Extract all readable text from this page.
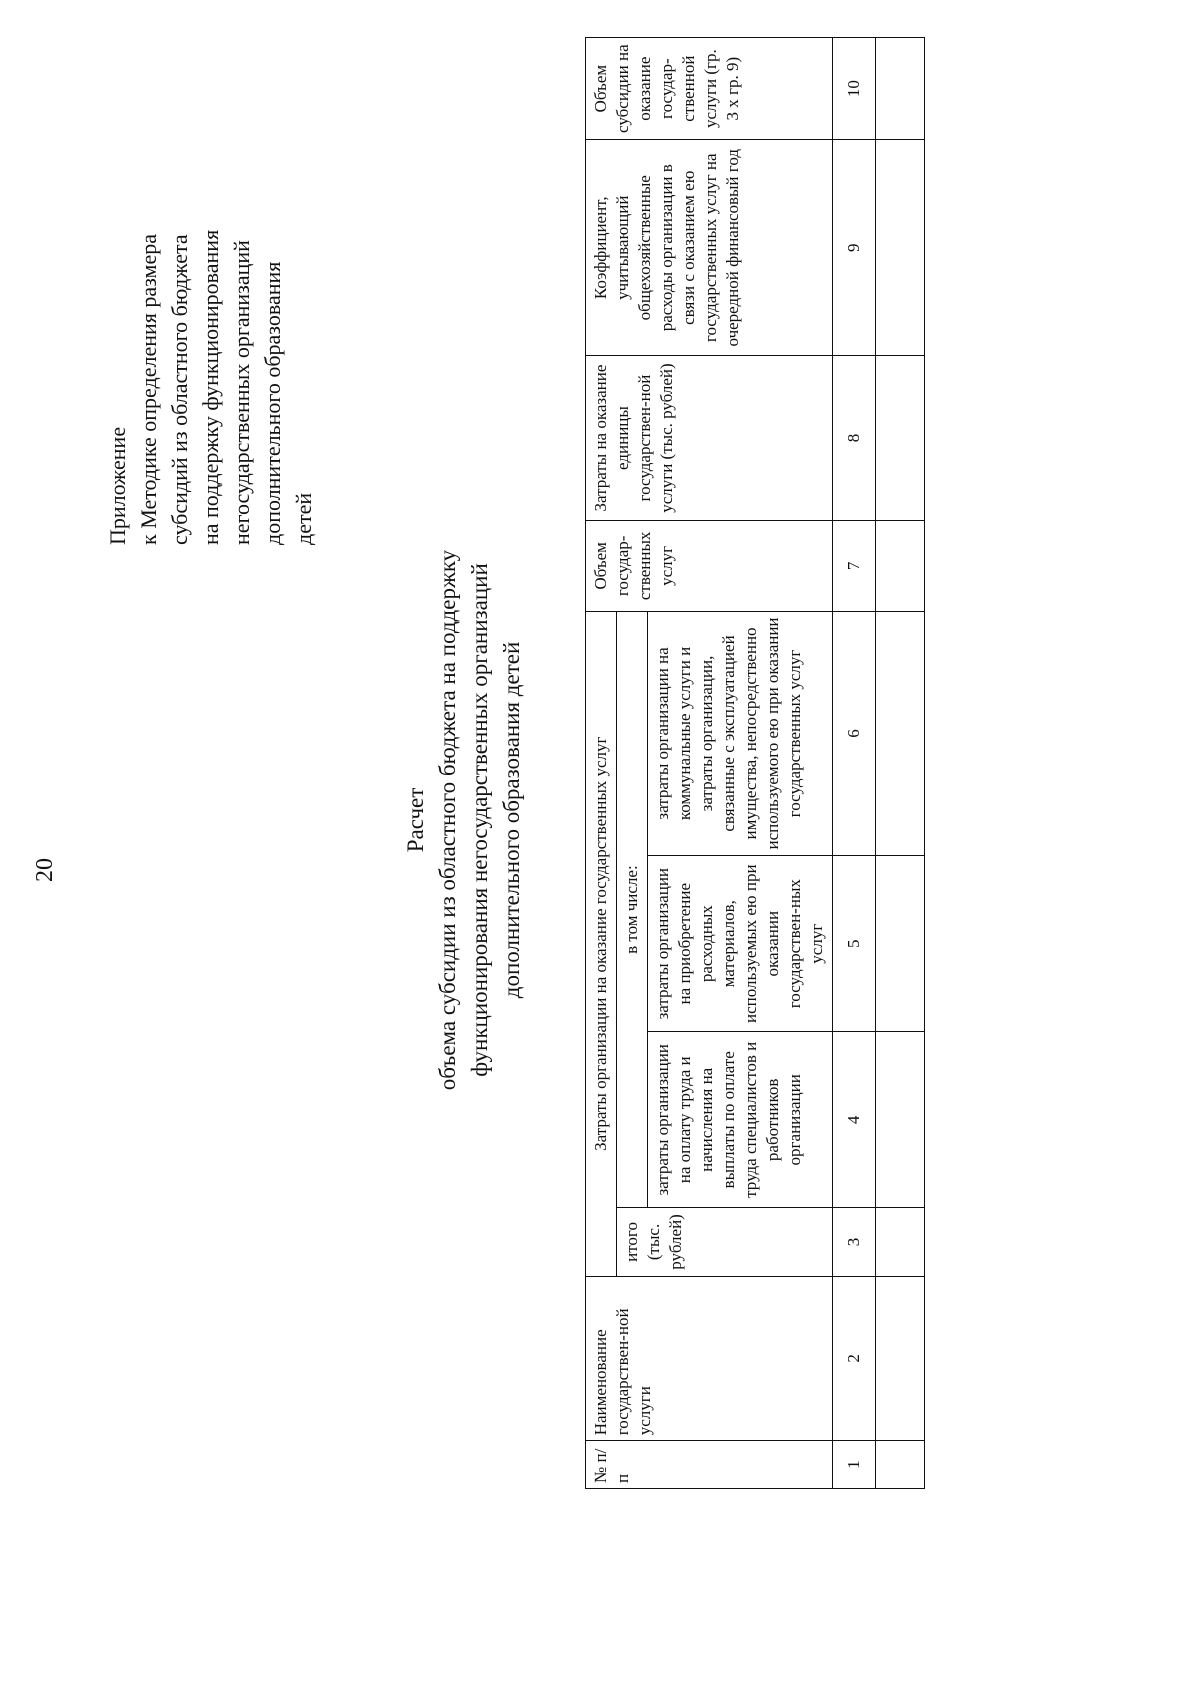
20
Приложение к Методике определения размера субсидий из областного бюджета на поддержку функционирования негосударственных организаций дополнительного образования детей
Расчет объема субсидии из областного бюджета на поддержку функционирования негосударственных организаций дополнительного образования детей
№ п/п	Наименование государствен-ной услуги	Затраты организации на оказание государственных услуг				Объем государ-ственных услуг	Затраты на оказание единицы государствен-ной услуги (тыс. рублей)	Коэффициент, учитывающий общехозяйственные расходы организации в связи с оказанием ею государственных услуг на очередной финансовый год	Объем субсидии на оказание государ-ственной услуги (гр. 3 х гр. 9)
		итого (тыс. рублей)	в том числе:						
			затраты организации на оплату труда и начисления на выплаты по оплате труда специалистов и работников организации	затраты организации на приобретение расходных материалов, используемых ею при оказании государствен-ных услуг	затраты организации на коммунальные услуги и затраты организации, связанные с эксплуатацией имущества, непосредственно используемого ею при оказании государственных услуг				
1	2	3	4	5	6	7	8	9	10
